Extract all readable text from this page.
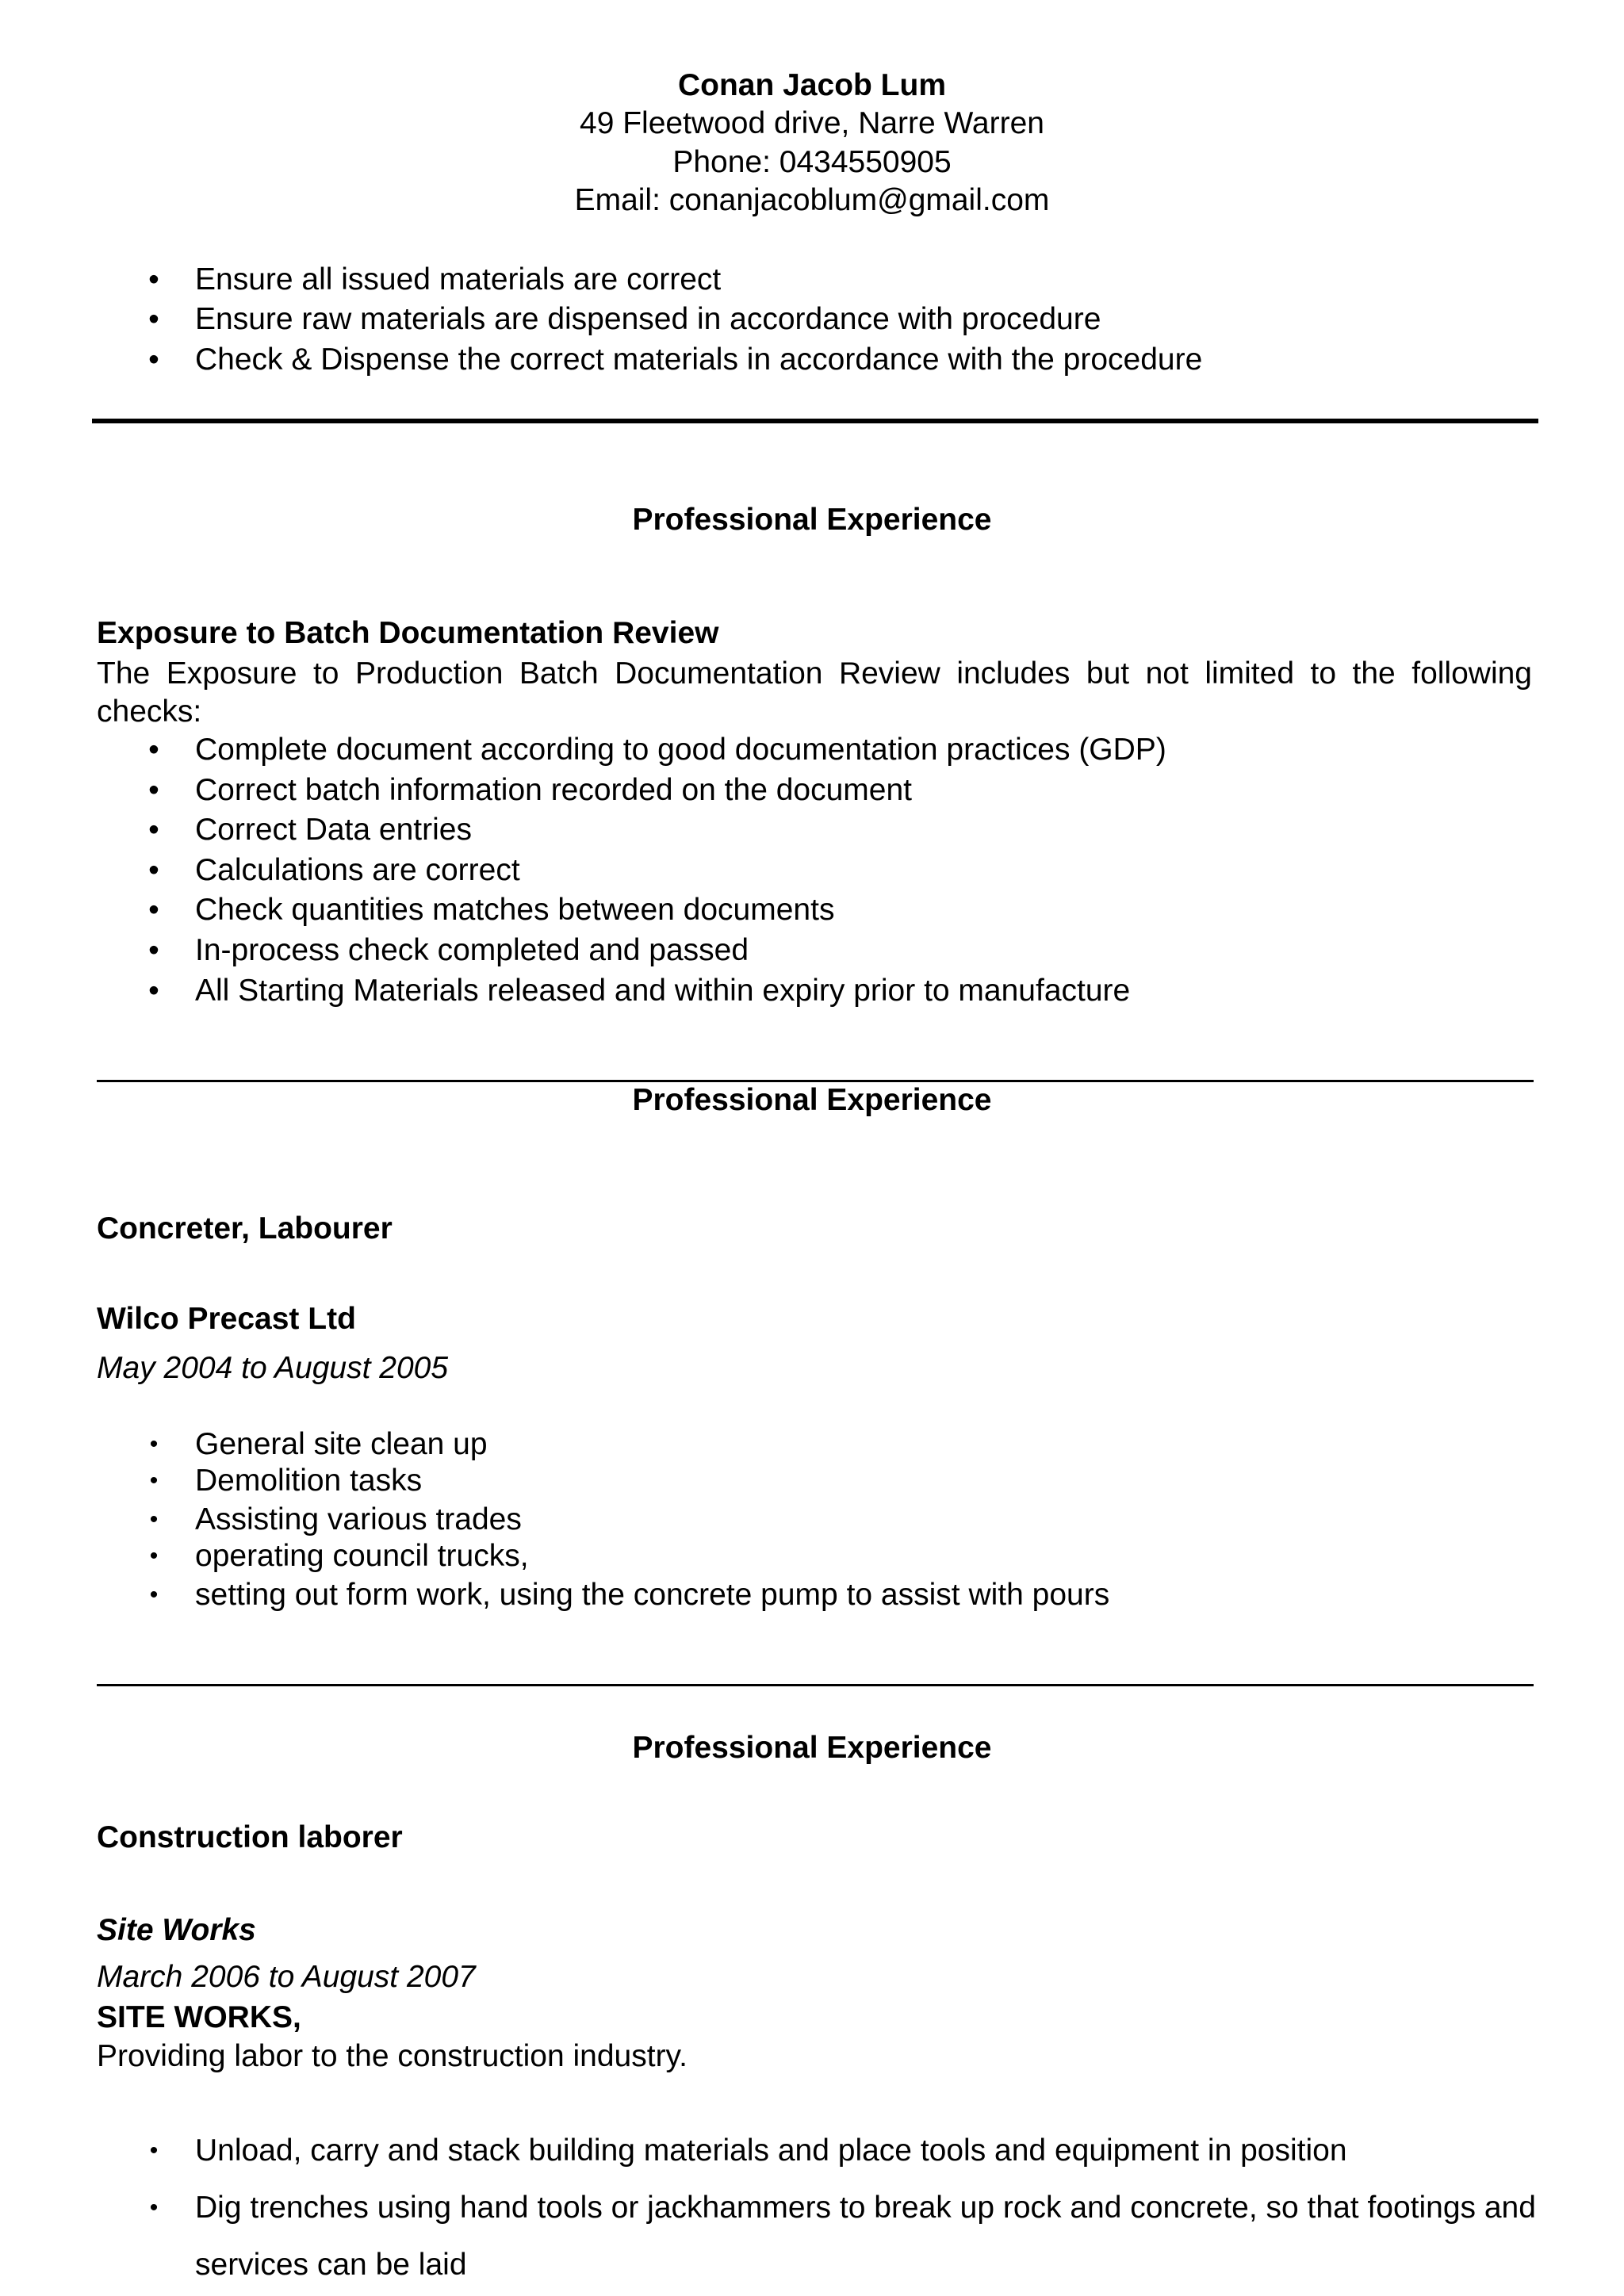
Conan Jacob Lum
49 Fleetwood drive, Narre Warren
Phone: 0434550905
Email: conanjacoblum@gmail.com
• Ensure all issued materials are correct
• Ensure raw materials are dispensed in accordance with procedure
• Check & Dispense the correct materials in accordance with the procedure
Professional Experience
Exposure to Batch Documentation Review
The Exposure to Production Batch Documentation Review includes but not limited to the following checks:
• Complete document according to good documentation practices (GDP)
• Correct batch information recorded on the document
• Correct Data entries
• Calculations are correct
• Check quantities matches between documents
• In-process check completed and passed
• All Starting Materials released and within expiry prior to manufacture
Professional Experience
Concreter, Labourer
Wilco Precast Ltd
May 2004 to August 2005
• General site clean up
• Demolition tasks
• Assisting various trades
• operating council trucks,
• setting out form work, using the concrete pump to assist with pours
Professional Experience
Construction laborer
Site Works
March 2006 to August 2007
SITE WORKS,
Providing labor to the construction industry.
• Unload, carry and stack building materials and place tools and equipment in position
• Dig trenches using hand tools or jackhammers to break up rock and concrete, so that footings and services can be laid
